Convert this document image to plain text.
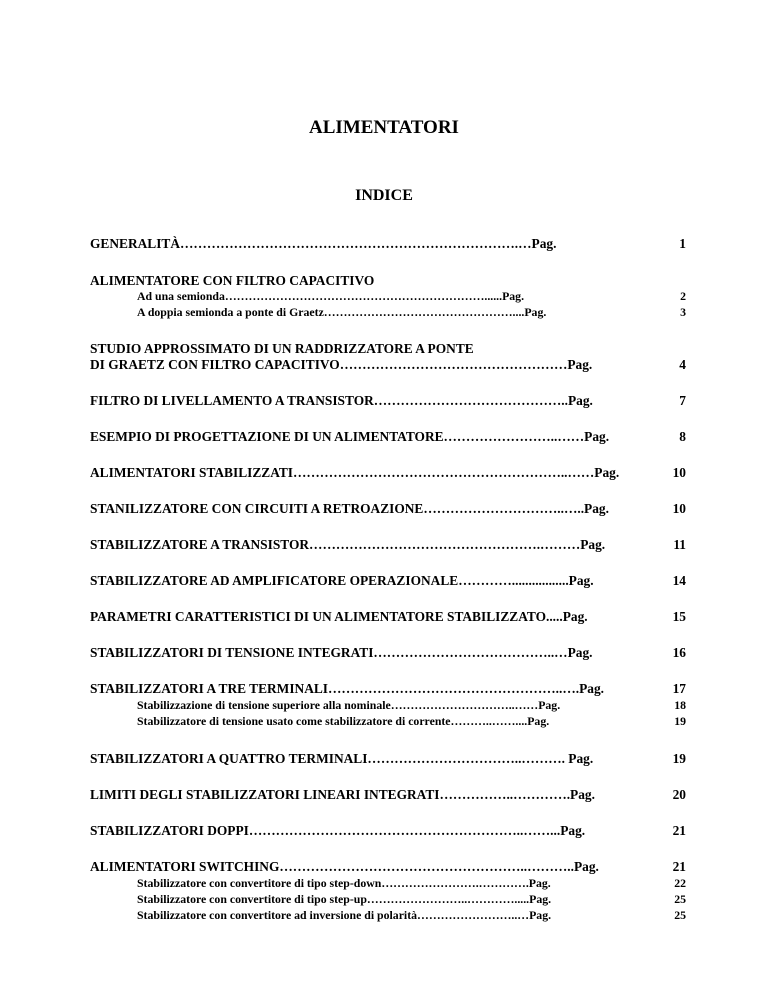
ALIMENTATORI
INDICE
GENERALITÀ………………………………………………………………….…Pag.	1
ALIMENTATORE CON FILTRO CAPACITIVO
Ad una semionda…………………………………………………………......Pag.	2
A doppia semionda a ponte di Graetz…………………………………………....Pag.	3
STUDIO APPROSSIMATO DI UN RADDRIZZATORE A PONTE
DI GRAETZ CON FILTRO CAPACITIVO……………………………………………Pag.	4
FILTRO DI LIVELLAMENTO A TRANSISTOR……………………………………..Pag.	7
ESEMPIO DI PROGETTAZIONE DI UN ALIMENTATORE……………………..……Pag.	8
ALIMENTATORI STABILIZZATI……………………………………………………..……Pag.	10
STANILIZZATORE CON CIRCUITI A RETROAZIONE…………………………..…..Pag.	10
STABILIZZATORE A TRANSISTOR…………………………………………….………Pag.	11
STABILIZZATORE AD AMPLIFICATORE OPERAZIONALE………….................Pag.	14
PARAMETRI CARATTERISTICI DI UN ALIMENTATORE STABILIZZATO.....Pag.	15
STABILIZZATORI DI TENSIONE INTEGRATI…………………………………..…Pag.	16
STABILIZZATORI A TRE TERMINALI……………………………………………..….Pag.	17
Stabilizzazione di tensione superiore alla nominale…………………………..……Pag.	18
Stabilizzatore di tensione usato come stabilizzatore di corrente………..……....Pag.	19
STABILIZZATORI A QUATTRO TERMINALI……………………………..………. Pag.	19
LIMITI DEGLI STABILIZZATORI LINEARI INTEGRATI……………..………….Pag.	20
STABILIZZATORI DOPPI……………………………………………………..……...Pag.	21
ALIMENTATORI SWITCHING………………………………………………..………..Pag.	21
Stabilizzatore con convertitore di tipo step-down…………………….………….Pag.	22
Stabilizzatore con convertitore di tipo step-up……………………..………….....Pag.	25
Stabilizzatore con convertitore ad inversione di polarità……………………..…Pag.	25
